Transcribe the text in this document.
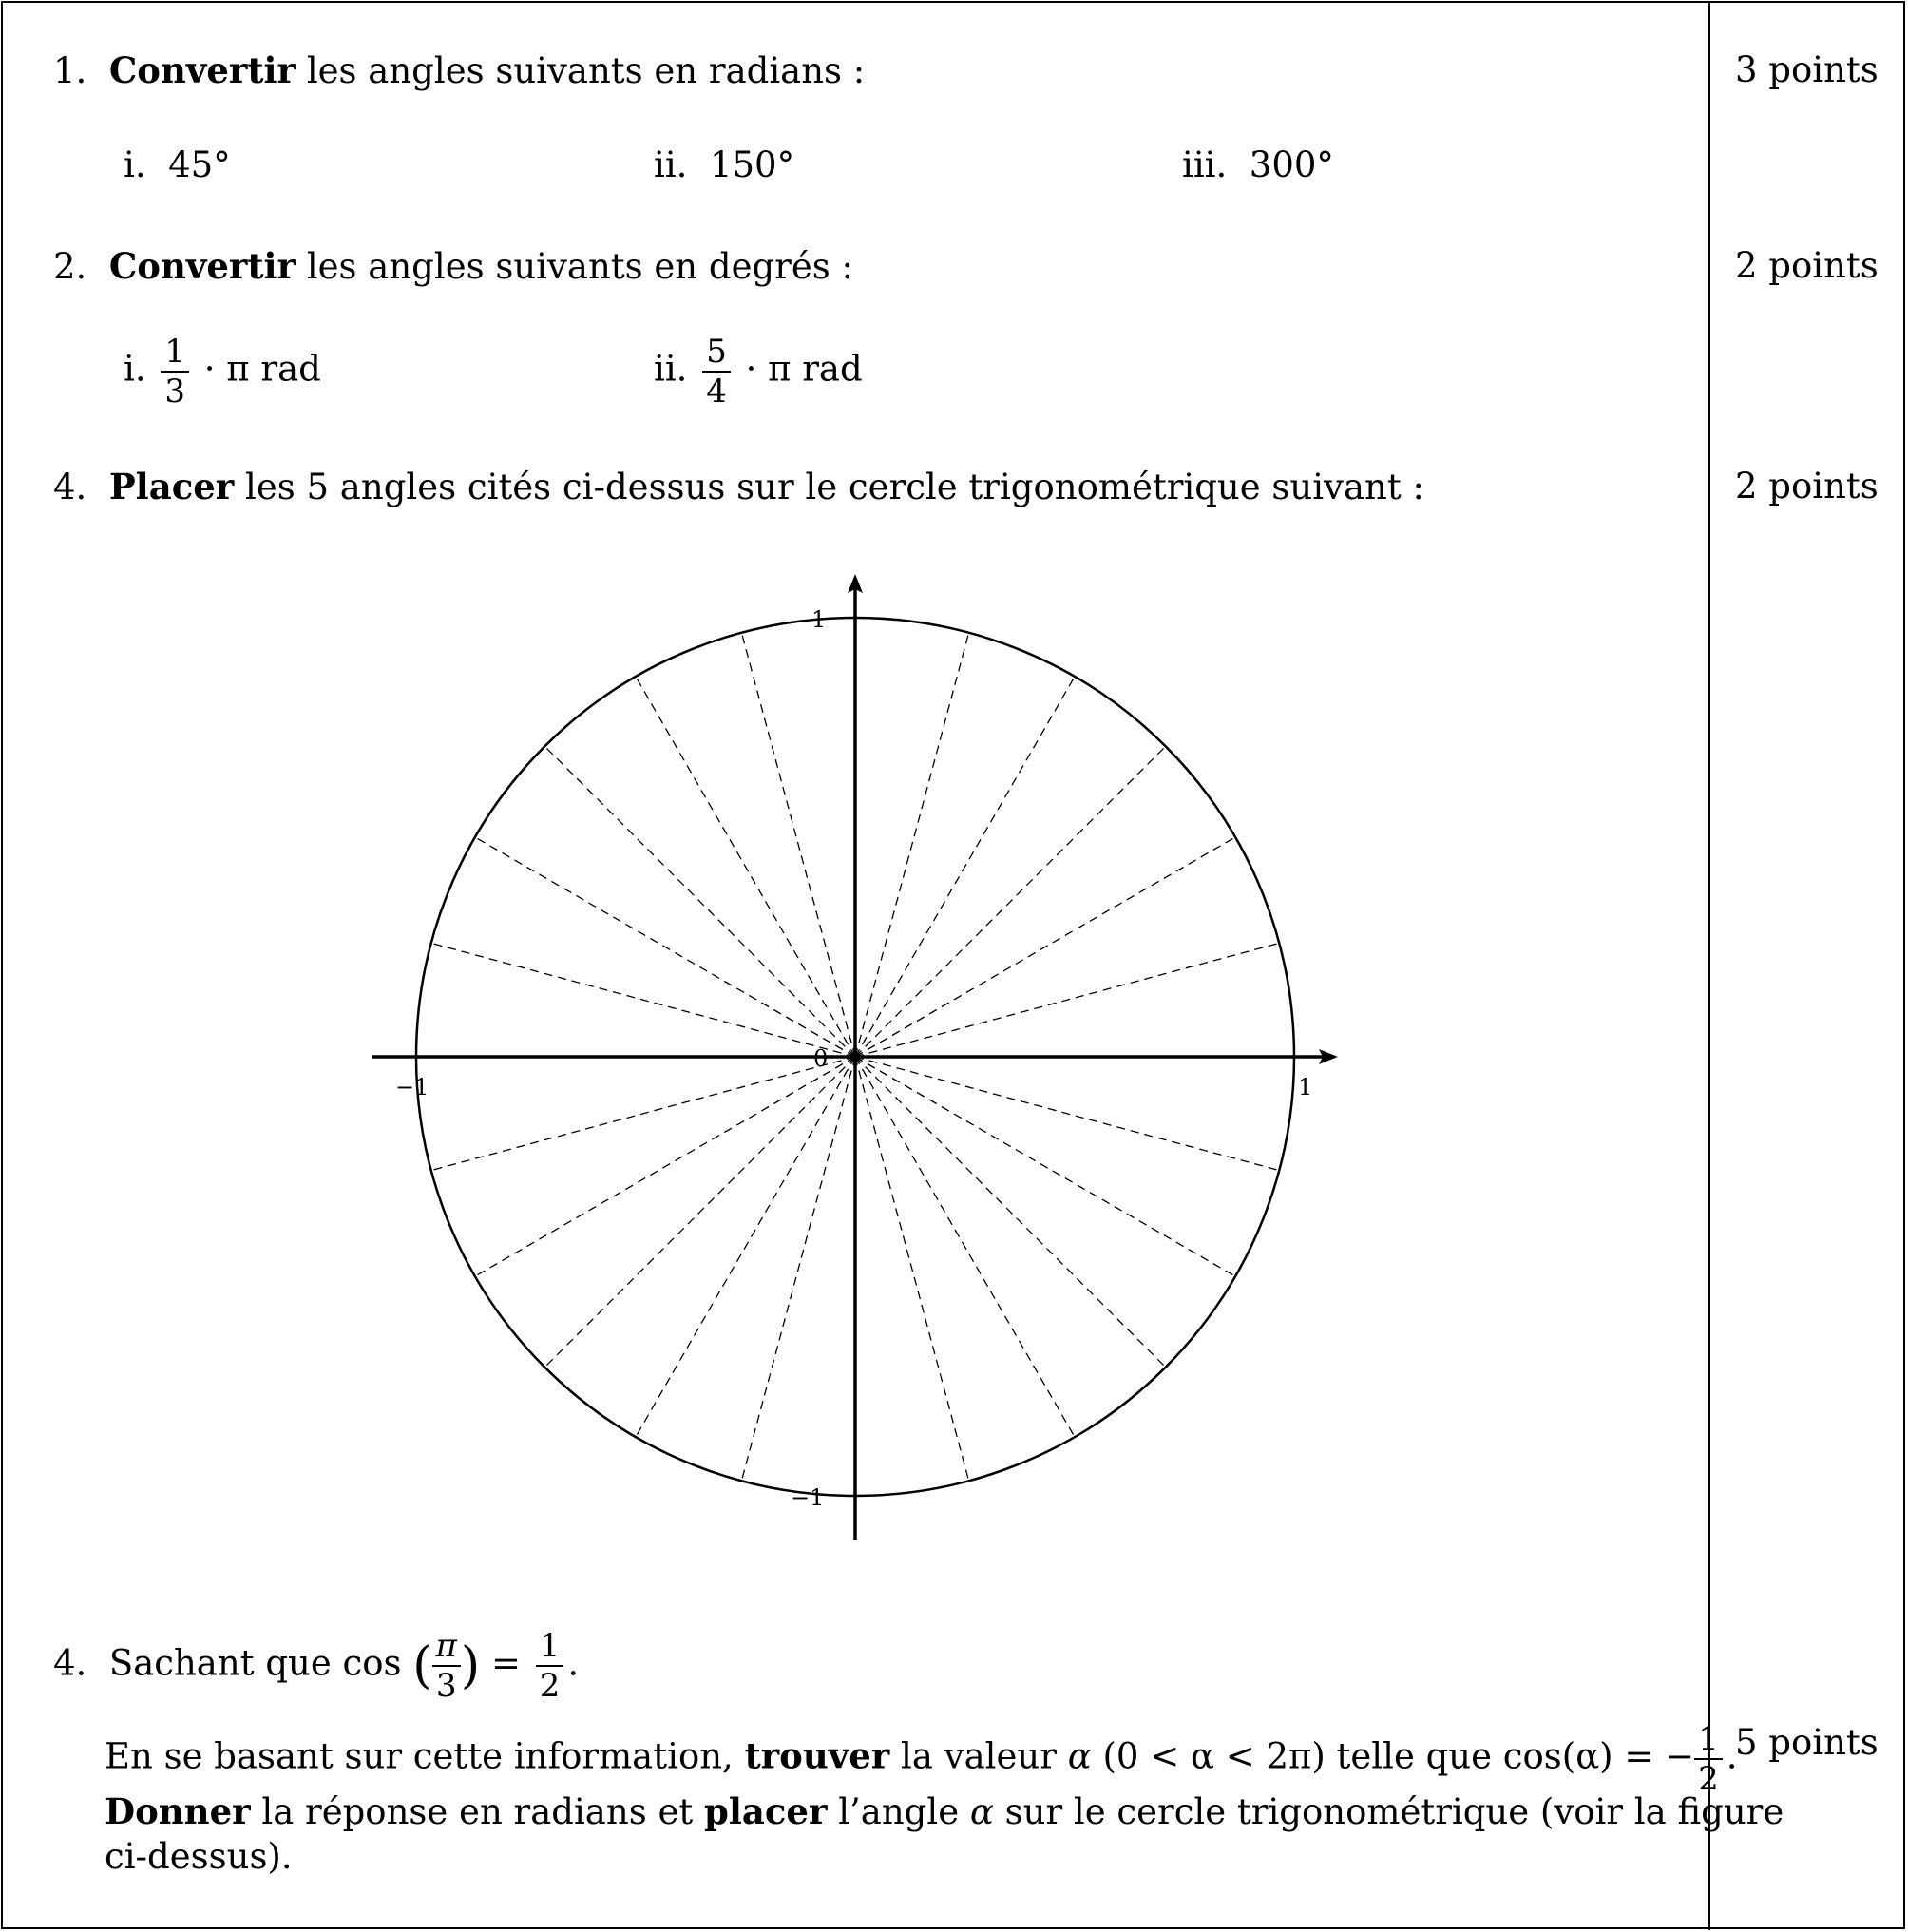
1. Convertir les angles suivants en radians :	3 points
i. 45°	ii. 150°	iii. 300°
2. Convertir les angles suivants en degrés :	2 points
i. $\frac{1}{3} \cdot \pi$ rad	ii. $\frac{5}{4} \cdot \pi$ rad
4. Placer les 5 angles cités ci-dessus sur le cercle trigonométrique suivant :	2 points
1
−1
1
−1
0
4. Sachant que cos ( $\frac{\pi}{3}$ ) = $\frac{1}{2}$ .
En se basant sur cette information, trouver la valeur α (0 < α < 2π) telle que cos(α) = − $\frac{1}{2}$ .
5 points
Donner la réponse en radians et placer l’angle α sur le cercle trigonométrique (voir la figure
ci-dessus).
